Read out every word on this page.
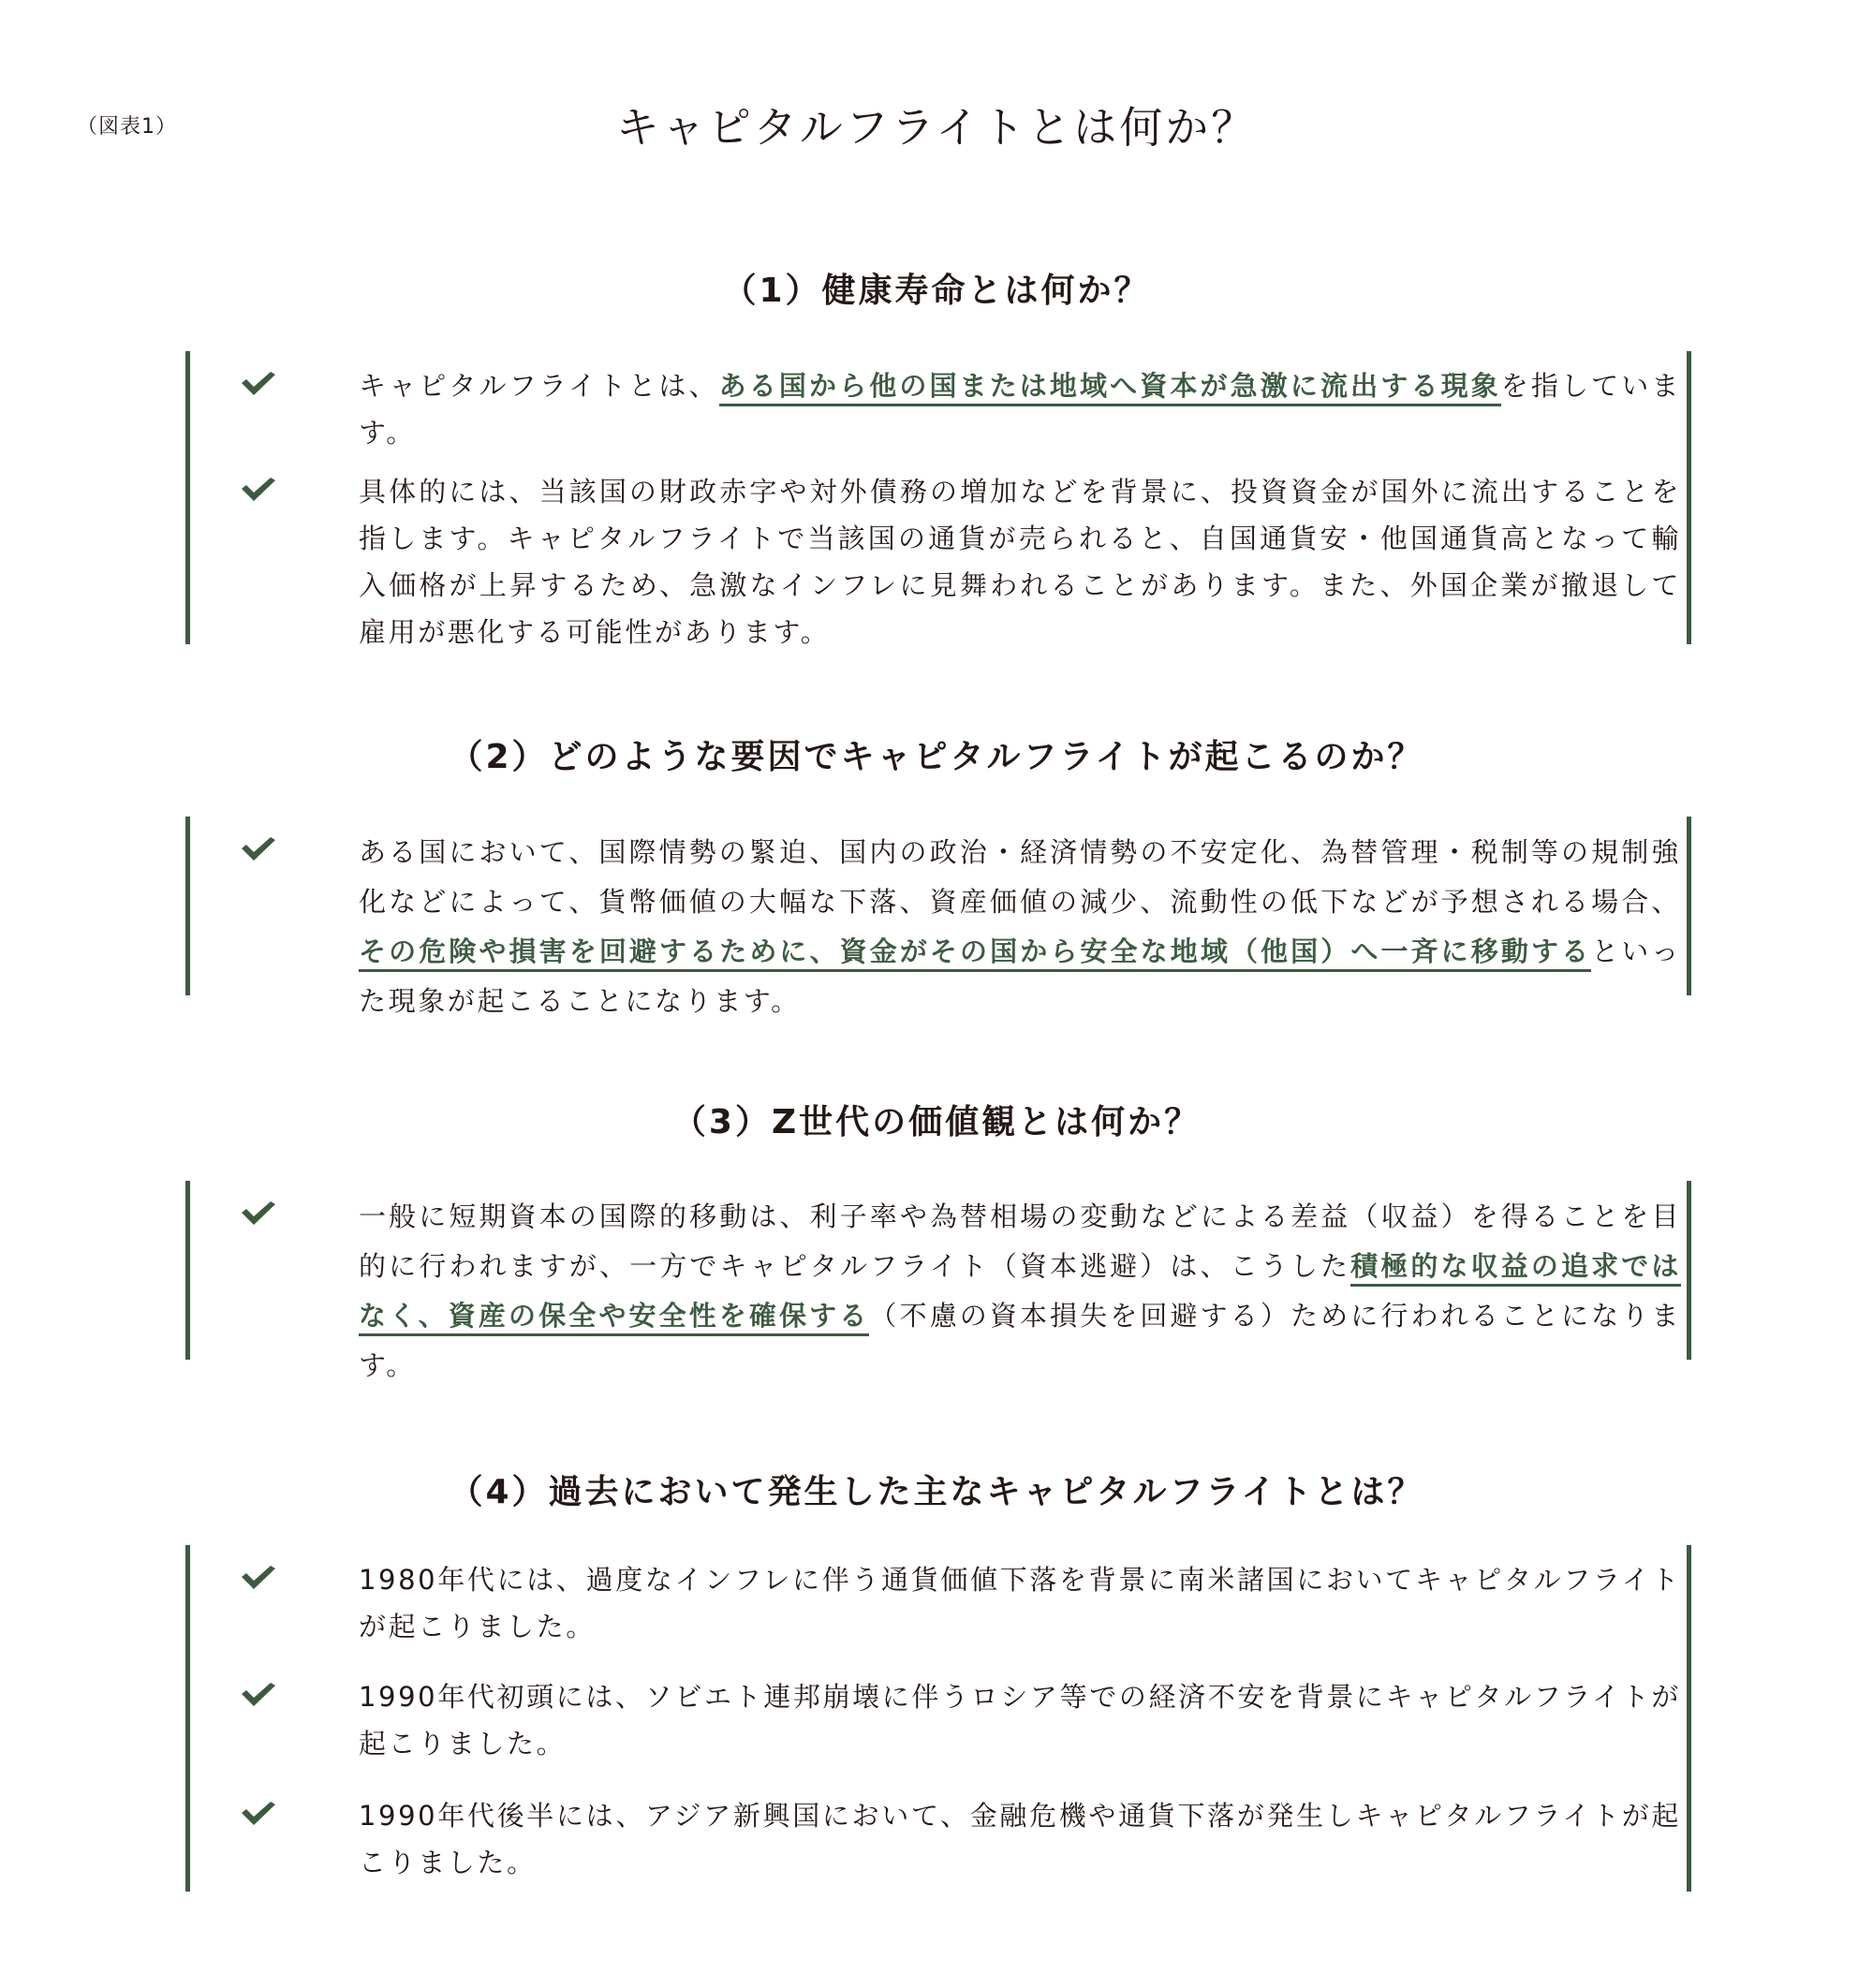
（図表1）	キャピタルフライトとは何か？
（1）健康寿命とは何か？
キャピタルフライトとは、ある国から他の国または地域へ資本が急激に流出する現象を指しています。
具体的には、当該国の財政赤字や対外債務の増加などを背景に、投資資金が国外に流出することを指します。キャピタルフライトで当該国の通貨が売られると、自国通貨安・他国通貨高となって輸入価格が上昇するため、急激なインフレに見舞われることがあります。また、外国企業が撤退して雇用が悪化する可能性があります。
（2）どのような要因でキャピタルフライトが起こるのか？
ある国において、国際情勢の緊迫、国内の政治・経済情勢の不安定化、為替管理・税制等の規制強化などによって、貨幣価値の大幅な下落、資産価値の減少、流動性の低下などが予想される場合、その危険や損害を回避するために、資金がその国から安全な地域（他国）へ一斉に移動するといった現象が起こることになります。
（3）Z世代の価値観とは何か？
一般に短期資本の国際的移動は、利子率や為替相場の変動などによる差益（収益）を得ることを目的に行われますが、一方でキャピタルフライト（資本逃避）は、こうした積極的な収益の追求ではなく、資産の保全や安全性を確保する（不慮の資本損失を回避する）ために行われることになります。
（4）過去において発生した主なキャピタルフライトとは？
1980年代には、過度なインフレに伴う通貨価値下落を背景に南米諸国においてキャピタルフライトが起こりました。
1990年代初頭には、ソビエト連邦崩壊に伴うロシア等での経済不安を背景にキャピタルフライトが起こりました。
1990年代後半には、アジア新興国において、金融危機や通貨下落が発生しキャピタルフライトが起こりました。
